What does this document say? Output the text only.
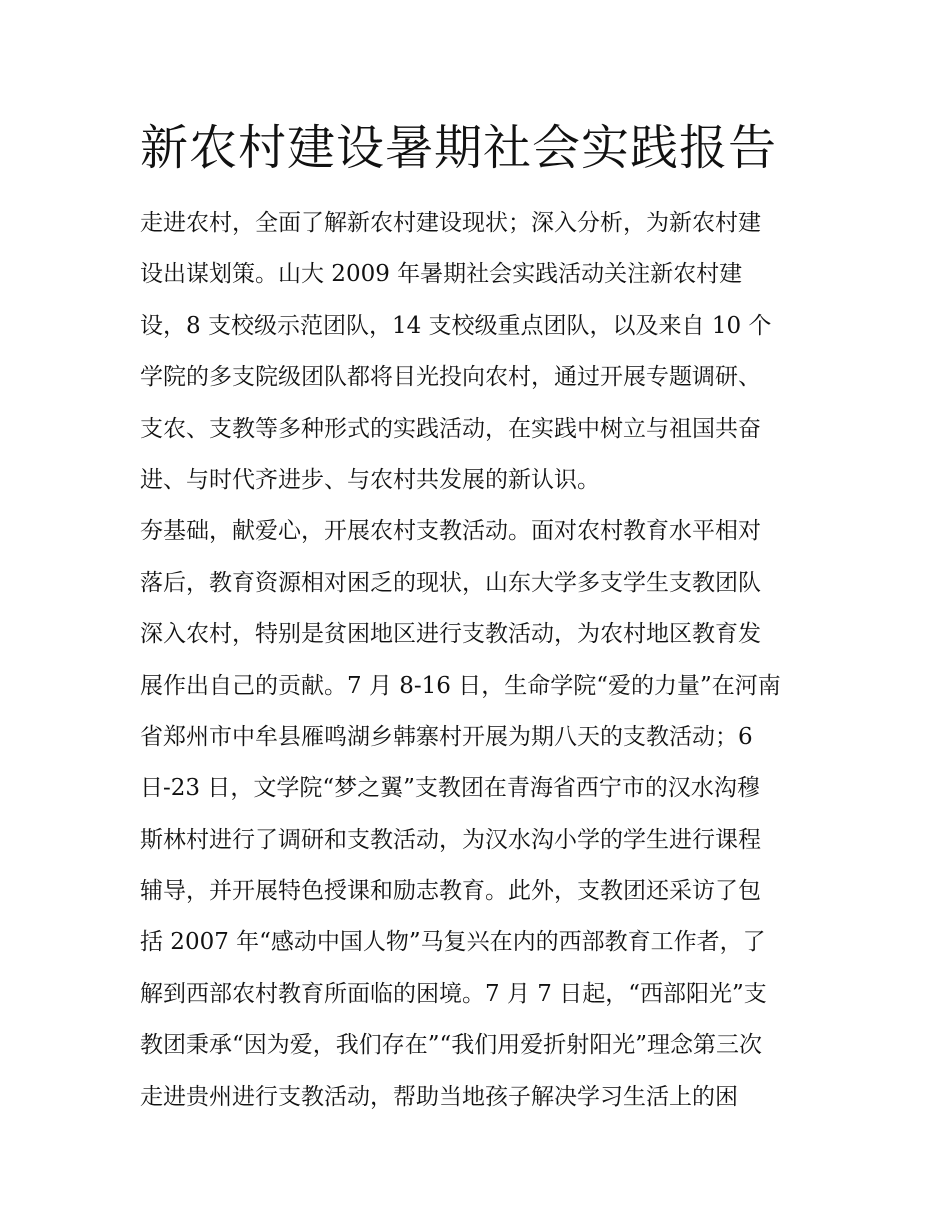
新农村建设暑期社会实践报告
走进农村，全面了解新农村建设现状；深入分析，为新农村建
设出谋划策。山大 2009 年暑期社会实践活动关注新农村建
设，8 支校级示范团队，14 支校级重点团队，以及来自 10 个
学院的多支院级团队都将目光投向农村，通过开展专题调研、
支农、支教等多种形式的实践活动，在实践中树立与祖国共奋
进、与时代齐进步、与农村共发展的新认识。
夯基础，献爱心，开展农村支教活动。面对农村教育水平相对
落后，教育资源相对困乏的现状，山东大学多支学生支教团队
深入农村，特别是贫困地区进行支教活动，为农村地区教育发
展作出自己的贡献。7 月 8-16 日，生命学院“爱的力量”在河南
省郑州市中牟县雁鸣湖乡韩寨村开展为期八天的支教活动；6
日-23 日，文学院“梦之翼”支教团在青海省西宁市的汉水沟穆
斯林村进行了调研和支教活动，为汉水沟小学的学生进行课程
辅导，并开展特色授课和励志教育。此外，支教团还采访了包
括 2007 年“感动中国人物”马复兴在内的西部教育工作者，了
解到西部农村教育所面临的困境。7 月 7 日起，“西部阳光”支
教团秉承“因为爱，我们存在”“我们用爱折射阳光”理念第三次
走进贵州进行支教活动，帮助当地孩子解决学习生活上的困
